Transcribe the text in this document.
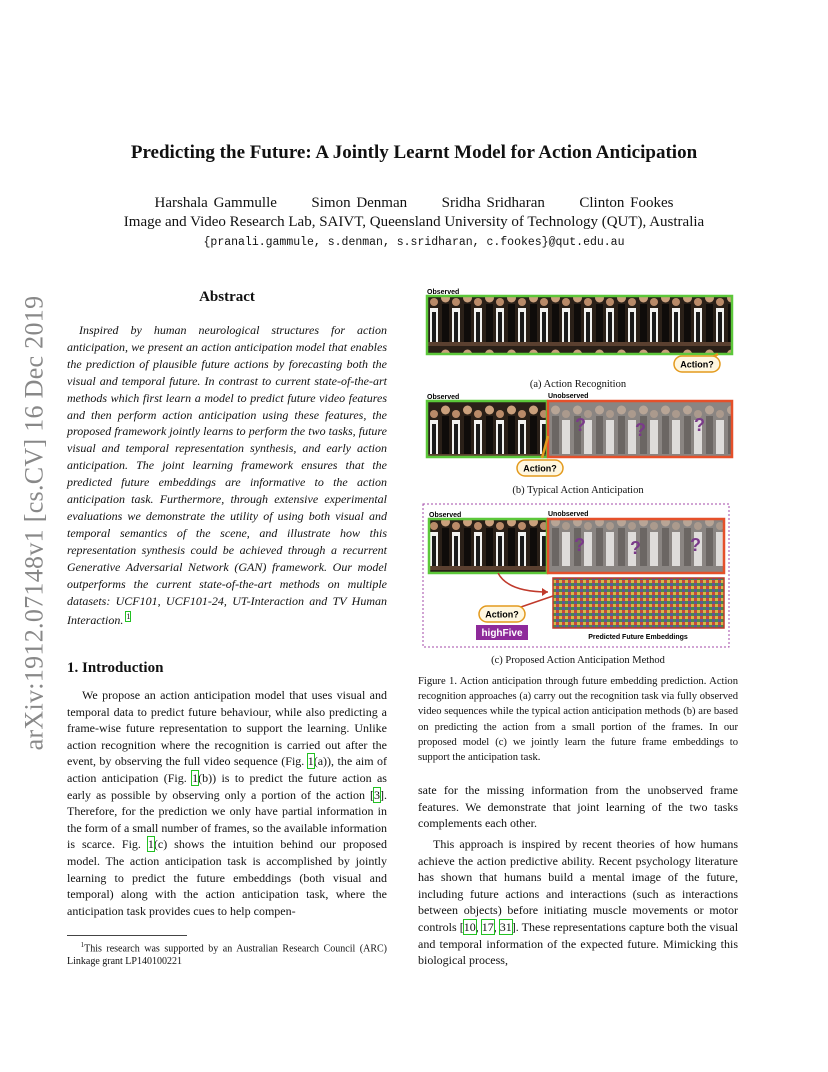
arXiv:1912.07148v1 [cs.CV] 16 Dec 2019
Predicting the Future: A Jointly Learnt Model for Action Anticipation
Harshala Gammulle Simon Denman Sridha Sridharan Clinton Fookes
Image and Video Research Lab, SAIVT, Queensland University of Technology (QUT), Australia
{pranali.gammule, s.denman, s.sridharan, c.fookes}@qut.edu.au
Abstract
Inspired by human neurological structures for action anticipation, we present an action anticipation model that enables the prediction of plausible future actions by forecasting both the visual and temporal future. In contrast to current state-of-the-art methods which first learn a model to predict future video features and then perform action anticipation using these features, the proposed framework jointly learns to perform the two tasks, future visual and temporal representation synthesis, and early action anticipation. The joint learning framework ensures that the predicted future embeddings are informative to the action anticipation task. Furthermore, through extensive experimental evaluations we demonstrate the utility of using both visual and temporal semantics of the scene, and illustrate how this representation synthesis could be achieved through a recurrent Generative Adversarial Network (GAN) framework. Our model outperforms the current state-of-the-art methods on multiple datasets: UCF101, UCF101-24, UT-Interaction and TV Human Interaction. $^1$
1. Introduction
We propose an action anticipation model that uses visual and temporal data to predict future behaviour, while also predicting a frame-wise future representation to support the learning. Unlike action recognition where the recognition is carried out after the event, by observing the full video sequence (Fig. 1(a)), the aim of action anticipation (Fig. 1(b)) is to predict the future action as early as possible by observing only a portion of the action [3]. Therefore, for the prediction we only have partial information in the form of a small number of frames, so the available information is scarce. Fig. 1(c) shows the intuition behind our proposed model. The action anticipation task is accomplished by jointly learning to predict the future embeddings (both visual and temporal) along with the action anticipation task, where the anticipation task provides cues to help compen-
$^1$This research was supported by an Australian Research Council (ARC) Linkage grant LP140100221
Observed
Action?
Observed	Unobserved
?	?	?
Action?
Observed	Unobserved
?	?	?
Action?
highFive	Predicted Future Embeddings
(a) Action Recognition
(b) Typical Action Anticipation
(c) Proposed Action Anticipation Method
Figure 1. Action anticipation through future embedding prediction. Action recognition approaches (a) carry out the recognition task via fully observed video sequences while the typical action anticipation methods (b) are based on predicting the action from a small portion of the frames. In our proposed model (c) we jointly learn the future frame embeddings to support the anticipation task.
sate for the missing information from the unobserved frame features. We demonstrate that joint learning of the two tasks complements each other.
This approach is inspired by recent theories of how humans achieve the action predictive ability. Recent psychology literature has shown that humans build a mental image of the future, including future actions and interactions (such as interactions between objects) before initiating muscle movements or motor controls [10, 17, 31]. These representations capture both the visual and temporal information of the expected future. Mimicking this biological process,
